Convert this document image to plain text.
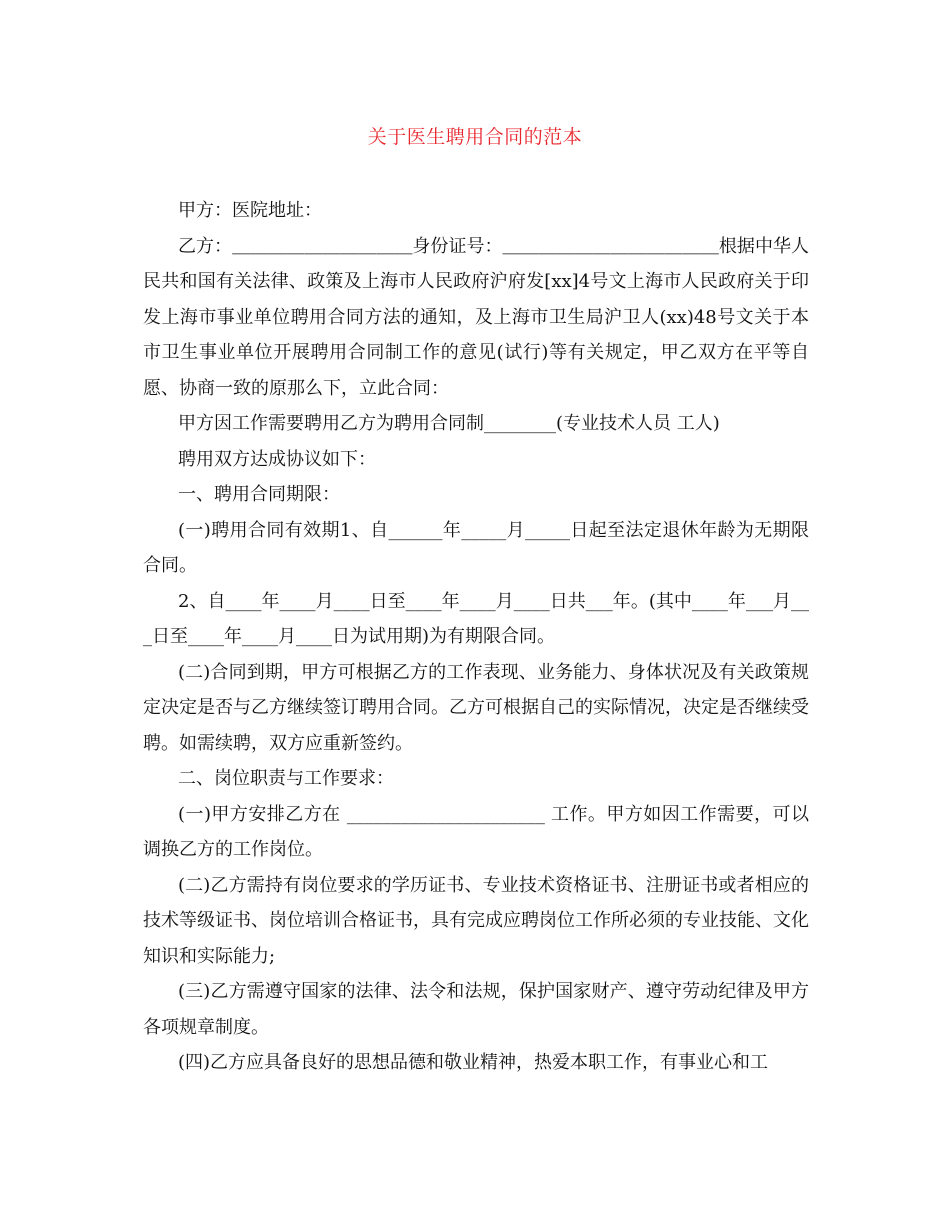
关于医生聘用合同的范本

甲方：医院地址：

乙方：＿＿＿＿＿＿＿＿＿＿身份证号：＿＿＿＿＿＿＿＿＿＿＿＿根据中华人民共和国有关法律、政策及上海市人民政府沪府发[xx]4号文上海市人民政府关于印发上海市事业单位聘用合同方法的通知，及上海市卫生局沪卫人(xx)48号文关于本市卫生事业单位开展聘用合同制工作的意见(试行)等有关规定，甲乙双方在平等自愿、协商一致的原那么下，立此合同：

甲方因工作需要聘用乙方为聘用合同制________(专业技术人员 工人)

聘用双方达成协议如下：

一、聘用合同期限：

(一)聘用合同有效期1、自______年_____月_____日起至法定退休年龄为无期限合同。

2、自____年____月____日至____年____月____日共___年。(其中____年___月___日至____年____月____日为试用期)为有期限合同。

(二)合同到期，甲方可根据乙方的工作表现、业务能力、身体状况及有关政策规定决定是否与乙方继续签订聘用合同。乙方可根据自己的实际情况，决定是否继续受聘。如需续聘，双方应重新签约。

二、岗位职责与工作要求：

(一)甲方安排乙方在 ______________________ 工作。甲方如因工作需要，可以调换乙方的工作岗位。

(二)乙方需持有岗位要求的学历证书、专业技术资格证书、注册证书或者相应的技术等级证书、岗位培训合格证书，具有完成应聘岗位工作所必须的专业技能、文化知识和实际能力;

(三)乙方需遵守国家的法律、法令和法规，保护国家财产、遵守劳动纪律及甲方各项规章制度。

(四)乙方应具备良好的思想品德和敬业精神，热爱本职工作，有事业心和工
